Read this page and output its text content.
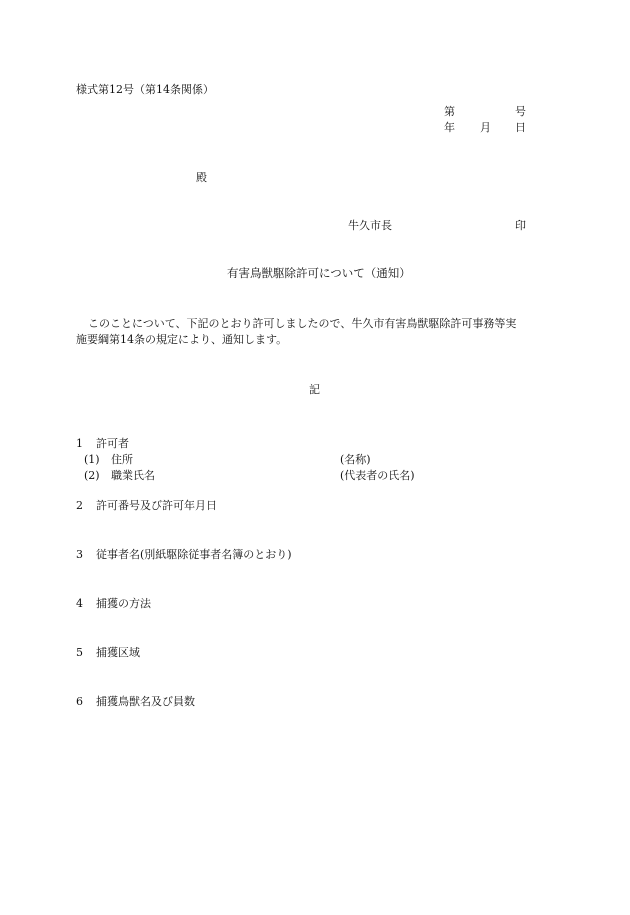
様式第12号（第14条関係）
第	号
年 月 日
殿
牛久市長	印
有害鳥獣駆除許可について（通知）
このことについて、下記のとおり許可しましたので、牛久市有害鳥獣駆除許可事務等実
施要綱第14条の規定により、通知します。
記
1 許可者
(1) 住所	(名称)
(2) 職業氏名	(代表者の氏名)
2 許可番号及び許可年月日
3 従事者名(別紙駆除従事者名簿のとおり)
4 捕獲の方法
5 捕獲区域
6 捕獲鳥獣名及び員数
